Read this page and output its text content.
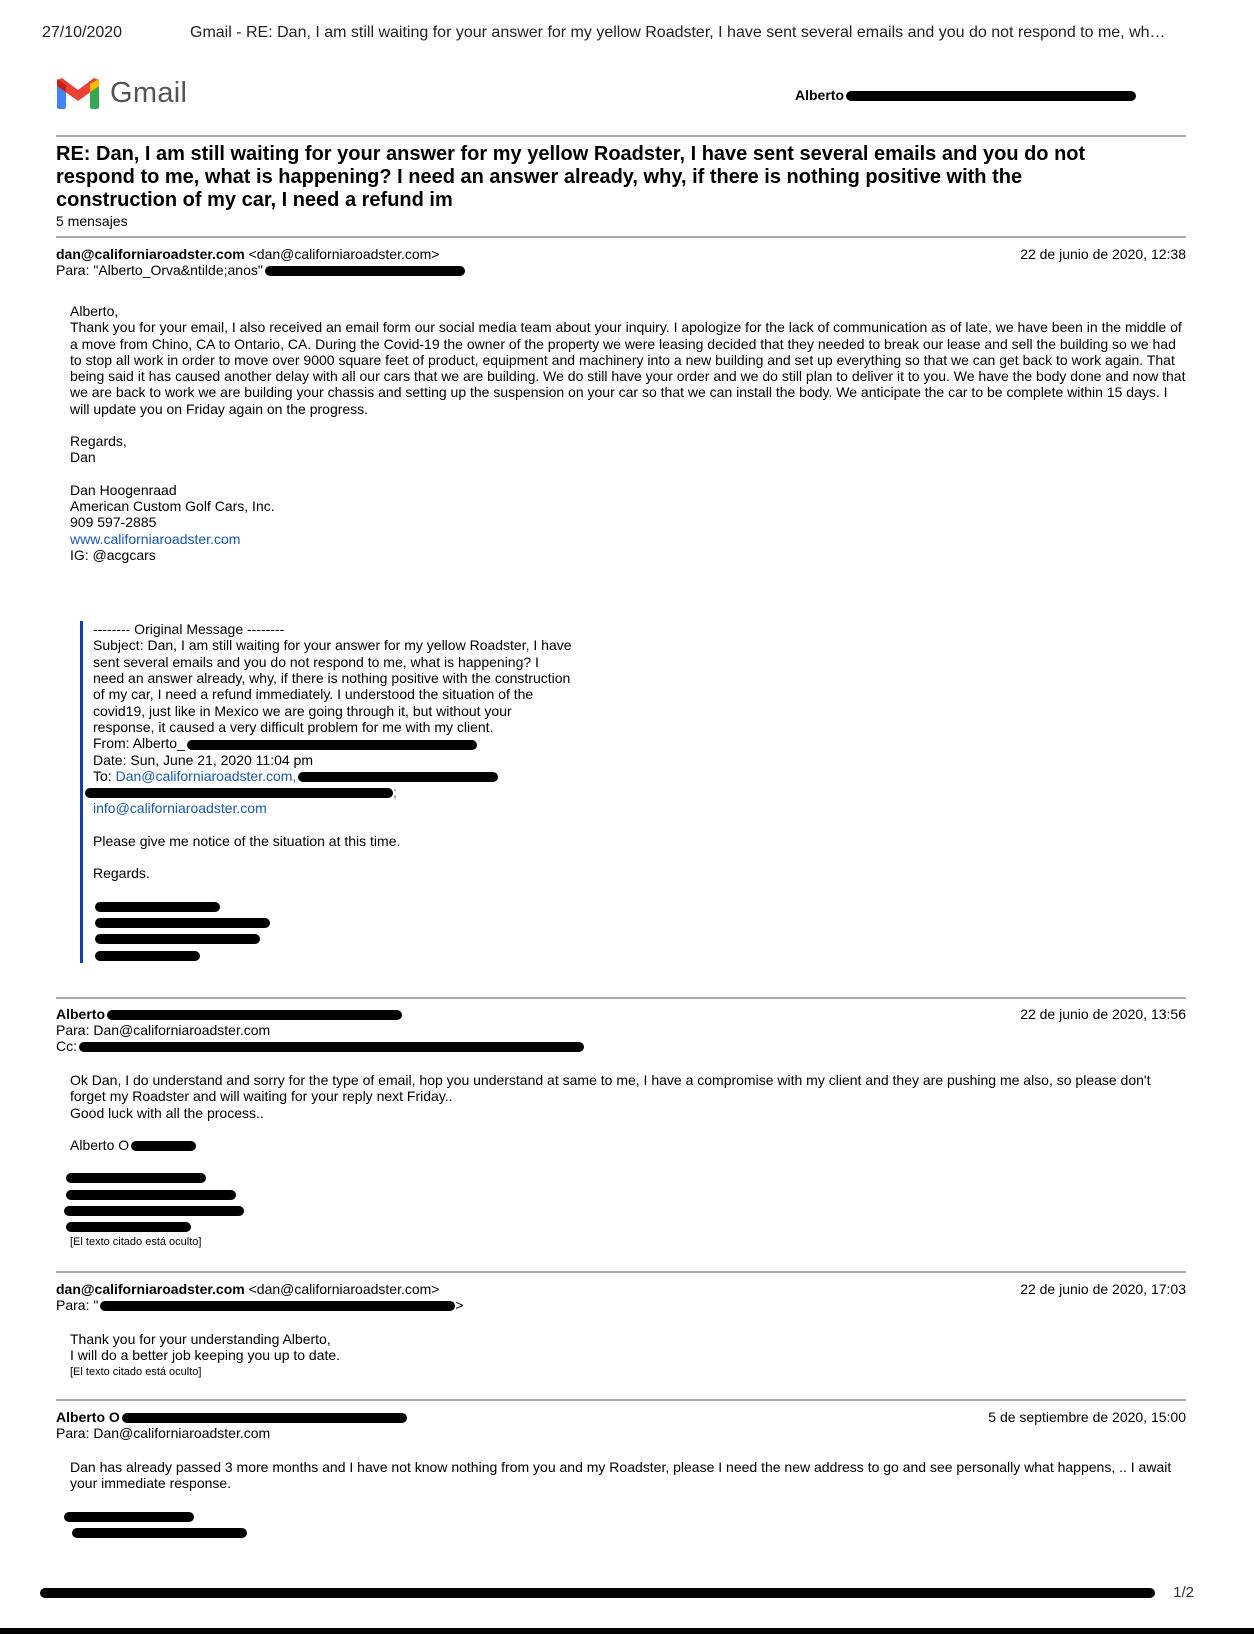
27/10/2020	Gmail - RE: Dan, I am still waiting for your answer for my yellow Roadster, I have sent several emails and you do not respond to me, wh…
Gmail	Alberto
RE: Dan, I am still waiting for your answer for my yellow Roadster, I have sent several emails and you do not respond to me, what is happening? I need an answer already, why, if there is nothing positive with the construction of my car, I need a refund im
5 mensajes
dan@californiaroadster.com <dan@californiaroadster.com>	22 de junio de 2020, 12:38
Para: "Alberto_Orva&ntilde;anos"
Alberto,
Thank you for your email, I also received an email form our social media team about your inquiry. I apologize for the lack of communication as of late, we have been in the middle of a move from Chino, CA to Ontario, CA. During the Covid-19 the owner of the property we were leasing decided that they needed to break our lease and sell the building so we had to stop all work in order to move over 9000 square feet of product, equipment and machinery into a new building and set up everything so that we can get back to work again. That being said it has caused another delay with all our cars that we are building. We do still have your order and we do still plan to deliver it to you. We have the body done and now that we are back to work we are building your chassis and setting up the suspension on your car so that we can install the body. We anticipate the car to be complete within 15 days. I will update you on Friday again on the progress.
Regards,
Dan
Dan Hoogenraad
American Custom Golf Cars, Inc.
909 597-2885
www.californiaroadster.com
IG: @acgcars
-------- Original Message --------
Subject: Dan, I am still waiting for your answer for my yellow Roadster, I have sent several emails and you do not respond to me, what is happening? I need an answer already, why, if there is nothing positive with the construction of my car, I need a refund immediately. I understood the situation of the covid19, just like in Mexico we are going through it, but without your response, it caused a very difficult problem for me with my client.
From: Alberto_
Date: Sun, June 21, 2020 11:04 pm
To: Dan@californiaroadster.com,
; info@californiaroadster.com
Please give me notice of the situation at this time.
Regards.
Alberto	22 de junio de 2020, 13:56
Para: Dan@californiaroadster.com
Cc:
Ok Dan, I do understand and sorry for the type of email, hop you understand at same to me, I have a compromise with my client and they are pushing me also, so please don't forget my Roadster and will waiting for your reply next Friday..
Good luck with all the process..
Alberto O
[El texto citado está oculto]
dan@californiaroadster.com <dan@californiaroadster.com>	22 de junio de 2020, 17:03
Para: "	>
Thank you for your understanding Alberto,
I will do a better job keeping you up to date.
[El texto citado está oculto]
Alberto O	5 de septiembre de 2020, 15:00
Para: Dan@californiaroadster.com
Dan has already passed 3 more months and I have not know nothing from you and my Roadster, please I need the new address to go and see personally what happens, .. I await your immediate response.
1/2
